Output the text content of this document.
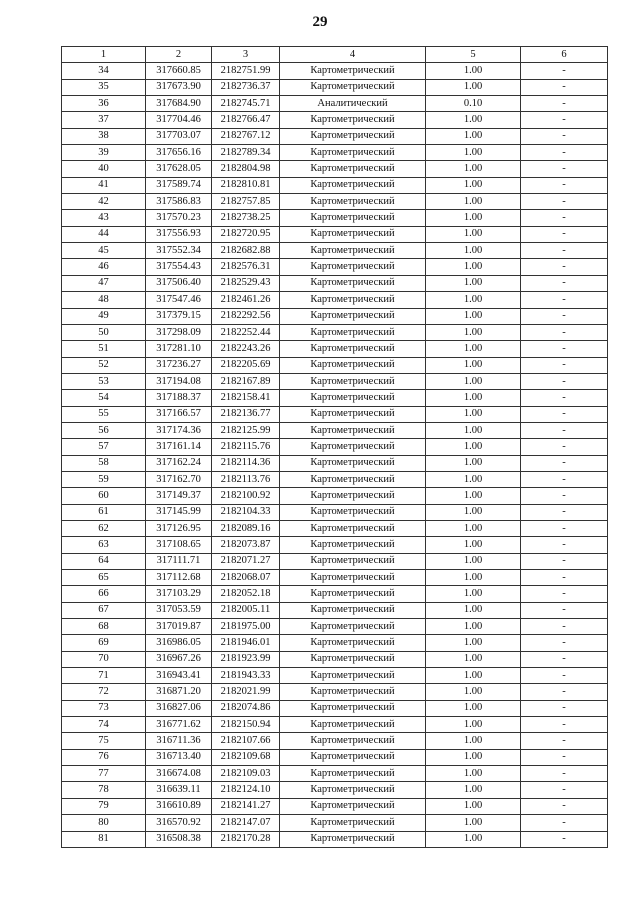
29
1	2	3	4	5	6
34	317660.85	2182751.99	Картометрический	1.00	-
35	317673.90	2182736.37	Картометрический	1.00	-
36	317684.90	2182745.71	Аналитический	0.10	-
37	317704.46	2182766.47	Картометрический	1.00	-
38	317703.07	2182767.12	Картометрический	1.00	-
39	317656.16	2182789.34	Картометрический	1.00	-
40	317628.05	2182804.98	Картометрический	1.00	-
41	317589.74	2182810.81	Картометрический	1.00	-
42	317586.83	2182757.85	Картометрический	1.00	-
43	317570.23	2182738.25	Картометрический	1.00	-
44	317556.93	2182720.95	Картометрический	1.00	-
45	317552.34	2182682.88	Картометрический	1.00	-
46	317554.43	2182576.31	Картометрический	1.00	-
47	317506.40	2182529.43	Картометрический	1.00	-
48	317547.46	2182461.26	Картометрический	1.00	-
49	317379.15	2182292.56	Картометрический	1.00	-
50	317298.09	2182252.44	Картометрический	1.00	-
51	317281.10	2182243.26	Картометрический	1.00	-
52	317236.27	2182205.69	Картометрический	1.00	-
53	317194.08	2182167.89	Картометрический	1.00	-
54	317188.37	2182158.41	Картометрический	1.00	-
55	317166.57	2182136.77	Картометрический	1.00	-
56	317174.36	2182125.99	Картометрический	1.00	-
57	317161.14	2182115.76	Картометрический	1.00	-
58	317162.24	2182114.36	Картометрический	1.00	-
59	317162.70	2182113.76	Картометрический	1.00	-
60	317149.37	2182100.92	Картометрический	1.00	-
61	317145.99	2182104.33	Картометрический	1.00	-
62	317126.95	2182089.16	Картометрический	1.00	-
63	317108.65	2182073.87	Картометрический	1.00	-
64	317111.71	2182071.27	Картометрический	1.00	-
65	317112.68	2182068.07	Картометрический	1.00	-
66	317103.29	2182052.18	Картометрический	1.00	-
67	317053.59	2182005.11	Картометрический	1.00	-
68	317019.87	2181975.00	Картометрический	1.00	-
69	316986.05	2181946.01	Картометрический	1.00	-
70	316967.26	2181923.99	Картометрический	1.00	-
71	316943.41	2181943.33	Картометрический	1.00	-
72	316871.20	2182021.99	Картометрический	1.00	-
73	316827.06	2182074.86	Картометрический	1.00	-
74	316771.62	2182150.94	Картометрический	1.00	-
75	316711.36	2182107.66	Картометрический	1.00	-
76	316713.40	2182109.68	Картометрический	1.00	-
77	316674.08	2182109.03	Картометрический	1.00	-
78	316639.11	2182124.10	Картометрический	1.00	-
79	316610.89	2182141.27	Картометрический	1.00	-
80	316570.92	2182147.07	Картометрический	1.00	-
81	316508.38	2182170.28	Картометрический	1.00	-
